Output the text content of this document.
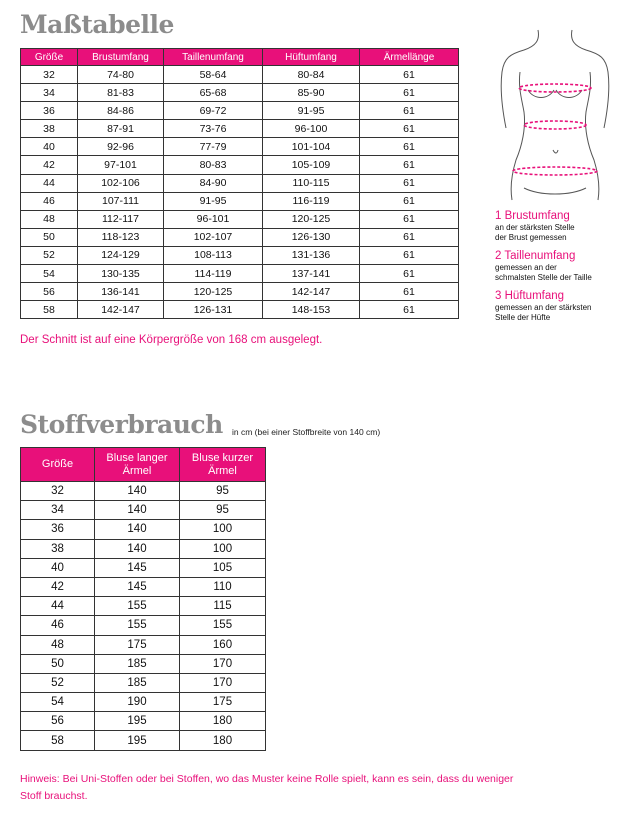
Maßtabelle
Größe	Brustumfang	Taillenumfang	Hüftumfang	Ärmellänge
32	74-80	58-64	80-84	61
34	81-83	65-68	85-90	61
36	84-86	69-72	91-95	61
38	87-91	73-76	96-100	61
40	92-96	77-79	101-104	61
42	97-101	80-83	105-109	61
44	102-106	84-90	110-115	61
46	107-111	91-95	116-119	61
48	112-117	96-101	120-125	61
50	118-123	102-107	126-130	61
52	124-129	108-113	131-136	61
54	130-135	114-119	137-141	61
56	136-141	120-125	142-147	61
58	142-147	126-131	148-153	61
Der Schnitt ist auf eine Körpergröße von 168 cm ausgelegt.
1 Brustumfang
an der stärksten Stelle
der Brust gemessen
2 Taillenumfang
gemessen an der
schmalsten Stelle der Taille
3 Hüftumfang
gemessen an der stärksten
Stelle der Hüfte
Stoffverbrauch in cm (bei einer Stoffbreite von 140 cm)
Größe	Bluse langer Ärmel	Bluse kurzer Ärmel
32	140	95
34	140	95
36	140	100
38	140	100
40	145	105
42	145	110
44	155	115
46	155	155
48	175	160
50	185	170
52	185	170
54	190	175
56	195	180
58	195	180
Hinweis: Bei Uni-Stoffen oder bei Stoffen, wo das Muster keine Rolle spielt, kann es sein, dass du weniger Stoff brauchst.
